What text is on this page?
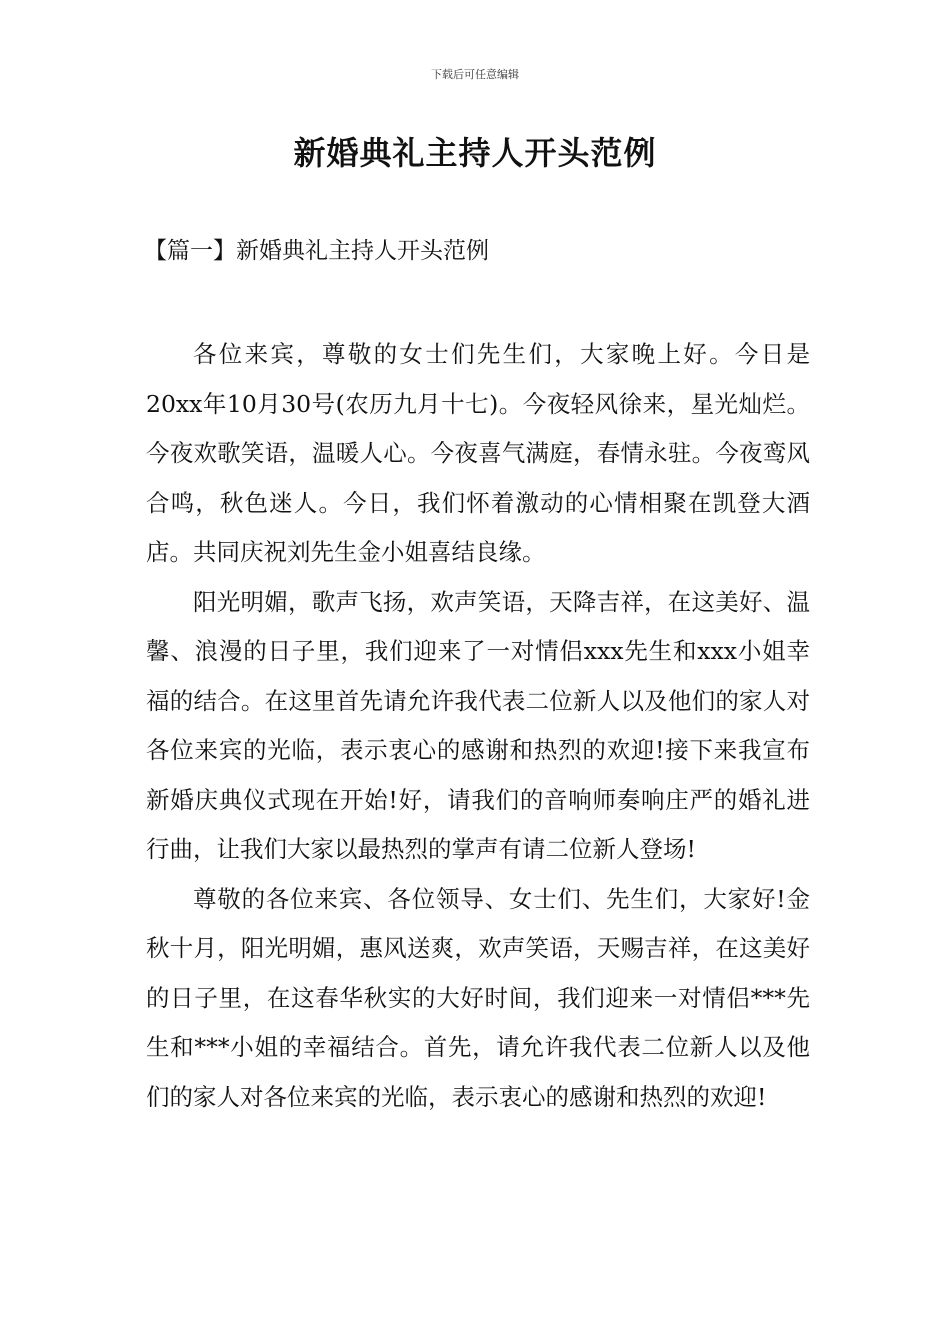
下载后可任意编辑
新婚典礼主持人开头范例
【篇一】新婚典礼主持人开头范例

各位来宾，尊敬的女士们先生们，大家晚上好。今日是20xx年10月30号(农历九月十七)。今夜轻风徐来，星光灿烂。今夜欢歌笑语，温暖人心。今夜喜气满庭，春情永驻。今夜鸾风合鸣，秋色迷人。今日，我们怀着激动的心情相聚在凯登大酒店。共同庆祝刘先生金小姐喜结良缘。

阳光明媚，歌声飞扬，欢声笑语，天降吉祥，在这美好、温馨、浪漫的日子里，我们迎来了一对情侣xxx先生和xxx小姐幸福的结合。在这里首先请允许我代表二位新人以及他们的家人对各位来宾的光临，表示衷心的感谢和热烈的欢迎!接下来我宣布新婚庆典仪式现在开始!好，请我们的音响师奏响庄严的婚礼进行曲，让我们大家以最热烈的掌声有请二位新人登场!

尊敬的各位来宾、各位领导、女士们、先生们，大家好!金秋十月，阳光明媚，惠风送爽，欢声笑语，天赐吉祥，在这美好的日子里，在这春华秋实的大好时间，我们迎来一对情侣***先生和***小姐的幸福结合。首先，请允许我代表二位新人以及他们的家人对各位来宾的光临，表示衷心的感谢和热烈的欢迎!
